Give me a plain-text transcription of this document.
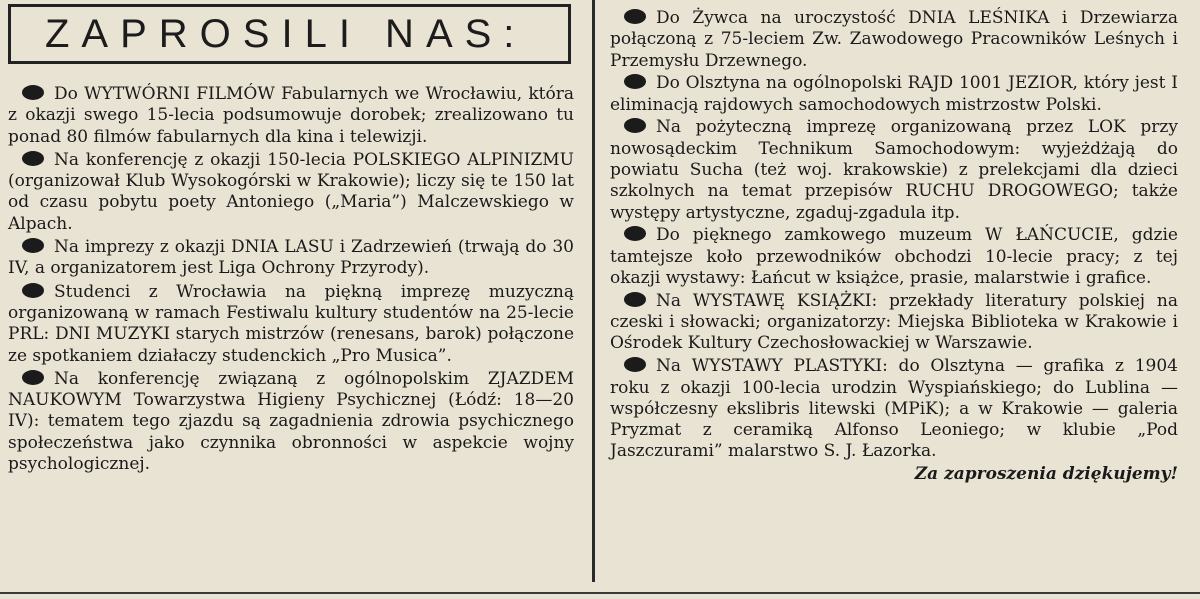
ZAPROSILI NAS:

Do WYTWÓRNI FILMÓW Fabularnych we Wrocławiu, która z okazji swego 15-lecia podsumowuje dorobek; zrealizowano tu ponad 80 filmów fabularnych dla kina i telewizji.

Na konferencję z okazji 150-lecia POLSKIEGO ALPINIZMU (organizował Klub Wysokogórski w Krakowie); liczy się te 150 lat od czasu pobytu poety Antoniego („Maria”) Malczewskiego w Alpach.

Na imprezy z okazji DNIA LASU i Zadrzewień (trwają do 30 IV, a organizatorem jest Liga Ochrony Przyrody).

Studenci z Wrocławia na piękną imprezę muzyczną organizowaną w ramach Festiwalu kultury studentów na 25-lecie PRL: DNI MUZYKI starych mistrzów (renesans, barok) połączone ze spotkaniem działaczy studenckich „Pro Musica”.

Na konferencję związaną z ogólnopolskim ZJAZDEM NAUKOWYM Towarzystwa Higieny Psychicznej (Łódź: 18—20 IV): tematem tego zjazdu są zagadnienia zdrowia psychicznego społeczeństwa jako czynnika obronności w aspekcie wojny psychologicznej.

Do Żywca na uroczystość DNIA LEŚNIKA i Drzewiarza połączoną z 75-leciem Zw. Zawodowego Pracowników Leśnych i Przemysłu Drzewnego.

Do Olsztyna na ogólnopolski RAJD 1001 JEZIOR, który jest I eliminacją rajdowych samochodowych mistrzostw Polski.

Na pożyteczną imprezę organizowaną przez LOK przy nowosądeckim Technikum Samochodowym: wyjeżdżają do powiatu Sucha (też woj. krakowskie) z prelekcjami dla dzieci szkolnych na temat przepisów RUCHU DROGOWEGO; także występy artystyczne, zgaduj-zgadula itp.

Do pięknego zamkowego muzeum W ŁAŃCUCIE, gdzie tamtejsze koło przewodników obchodzi 10-lecie pracy; z tej okazji wystawy: Łańcut w książce, prasie, malarstwie i grafice.

Na WYSTAWĘ KSIĄŻKI: przekłady literatury polskiej na czeski i słowacki; organizatorzy: Miejska Biblioteka w Krakowie i Ośrodek Kultury Czechosłowackiej w Warszawie.

Na WYSTAWY PLASTYKI: do Olsztyna — grafika z 1904 roku z okazji 100-lecia urodzin Wyspiańskiego; do Lublina — współczesny ekslibris litewski (MPiK); a w Krakowie — galeria Pryzmat z ceramiką Alfonso Leoniego; w klubie „Pod Jaszczurami” malarstwo S. J. Łazorka.

Za zaproszenia dziękujemy!
